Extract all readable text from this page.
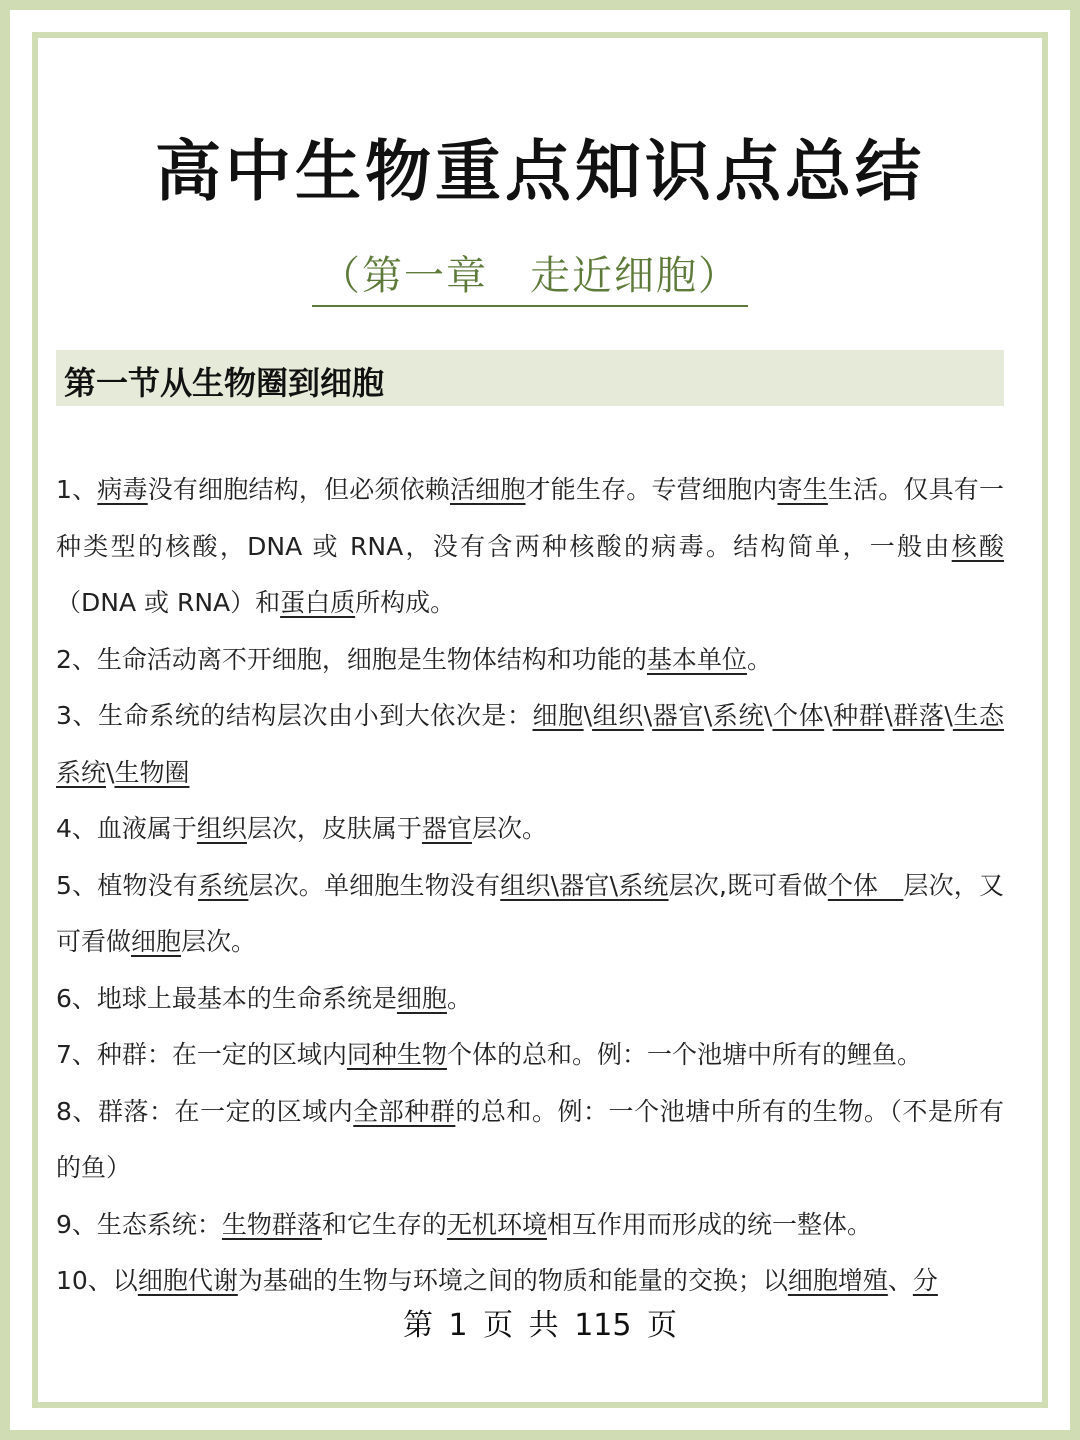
高中生物重点知识点总结
（第一章　走近细胞）
第一节从生物圈到细胞

1、病毒没有细胞结构，但必须依赖活细胞才能生存。专营细胞内寄生生活。仅具有一种类型的核酸，DNA 或 RNA，没有含两种核酸的病毒。结构简单，一般由核酸（DNA 或 RNA）和蛋白质所构成。

2、生命活动离不开细胞，细胞是生物体结构和功能的基本单位。

3、生命系统的结构层次由小到大依次是：细胞\组织\器官\系统\个体\种群\群落\生态系统\生物圈

4、血液属于组织层次，皮肤属于器官层次。

5、植物没有系统层次。单细胞生物没有组织\器官\系统层次,既可看做个体　层次，又可看做细胞层次。

6、地球上最基本的生命系统是细胞。

7、种群：在一定的区域内同种生物个体的总和。例：一个池塘中所有的鲤鱼。

8、群落：在一定的区域内全部种群的总和。例：一个池塘中所有的生物。（不是所有的鱼）

9、生态系统：生物群落和它生存的无机环境相互作用而形成的统一整体。

10、以细胞代谢为基础的生物与环境之间的物质和能量的交换；以细胞增殖、分

第 1 页 共 115 页
